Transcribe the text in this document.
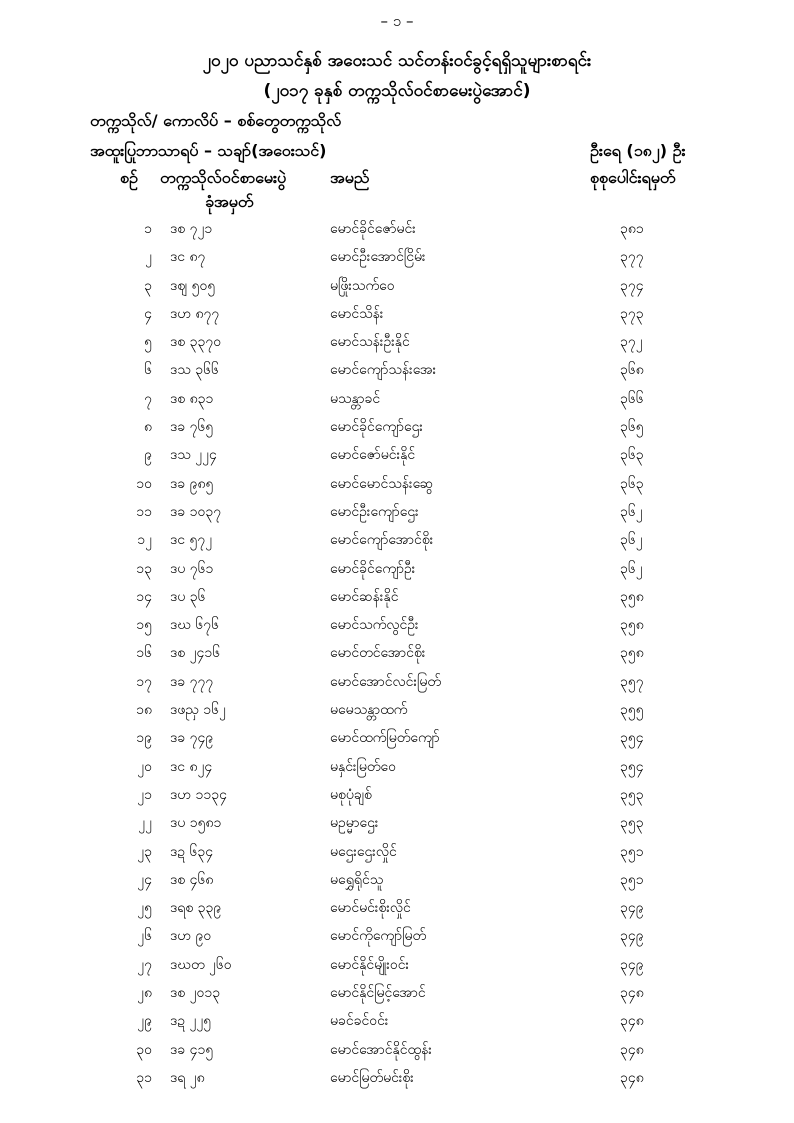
– ၁ –
၂၀၂၀ ပညာသင်နှစ် အဝေးသင် သင်တန်းဝင်ခွင့်ရရှိသူများစာရင်း
(၂၀၁၇ ခုနှစ် တက္ကသိုလ်ဝင်စာမေးပွဲအောင်)
တက္ကသိုလ်/ ကောလိပ် – စစ်တွေတက္ကသိုလ်
အထူးပြုဘာသာရပ် – သချာ်(အဝေးသင်)	ဦးရေ (၁၈၂) ဦး
စဉ် တက္ကသိုလ်ဝင်စာမေးပွဲ
ခုံအမှတ်
အမည်	စုစုပေါင်းရမှတ်
၁ ဒစ ၇၂၁	မောင်ခိုင်ဇော်မင်း	၃၈၁
၂ ဒင ၈၇	မောင်ဦးအောင်ငြိမ်း	၃၇၇
၃ ဒဈ ၅၀၅	မဖြိုးသက်ဝေ	၃၇၄
၄ ဒဟ ၈၇၇	မောင်သိန်း	၃၇၃
၅ ဒစ ၃၃၇၀	မောင်သန်းဦးနိုင်	၃၇၂
၆ ဒသ ၃၆၆	မောင်ကျော်သန်းအေး	၃၆၈
၇ ဒစ ၈၃၁	မသန္တာခင်	၃၆၆
၈ ဒခ ၇၆၅	မောင်ခိုင်ကျော်ဌေး	၃၆၅
၉ ဒသ ၂၂၄	မောင်ဇော်မင်းနိုင်	၃၆၃
၁၀ ဒခ ၉၈၅	မောင်မောင်သန်းဆွေ	၃၆၃
၁၁ ဒခ ၁၀၃၇	မောင်ဦးကျော်ဌေး	၃၆၂
၁၂ ဒင ၅၇၂	မောင်ကျော်အောင်စိုး	၃၆၂
၁၃ ဒပ ၇၆၁	မောင်ခိုင်ကျော်ဦး	၃၆၂
၁၄ ဒပ ၃၆	မောင်ဆန်းနိုင်	၃၅၈
၁၅ ဒဃ ၆၇၆	မောင်သက်လွင်ဦး	၃၅၈
၁၆ ဒစ ၂၄၁၆	မောင်တင်အောင်စိုး	၃၅၈
၁၇ ဒခ ၇၇၇	မောင်အောင်လင်းမြတ်	၃၅၇
၁၈ ဒဖညှ ၁၆၂	မမေသန္တာထက်	၃၅၅
၁၉ ဒခ ၇၄၉	မောင်ထက်မြတ်ကျော်	၃၅၄
၂၀ ဒင ၈၂၄	မနှင်းမြတ်ဝေ	၃၅၄
၂၁ ဒဟ ၁၁၃၄	မစုပုံချစ်	၃၅၃
၂၂ ဒပ ၁၅၈၁	မဥမ္မာဌေး	၃၅၃
၂၃ ဒဍ ၆၃၄	မဌေးဌေးလှိုင်	၃၅၁
၂၄ ဒစ ၄၆၈	မရွှေရိုင်သူ	၃၅၁
၂၅ ဒရစ ၃၃၉	မောင်မင်းစိုးလှိုင်	၃၄၉
၂၆ ဒဟ ၉၀	မောင်ကိုကျော်မြတ်	၃၄၉
၂၇ ဒဃတ ၂၆၀	မောင်နိုင်မျိုးဝင်း	၃၄၉
၂၈ ဒစ ၂၀၁၃	မောင်နိုင်မြင့်အောင်	၃၄၈
၂၉ ဒဍ ၂၂၅	မခင်ခင်ဝင်း	၃၄၈
၃၀ ဒခ ၄၁၅	မောင်အောင်နိုင်ထွန်း	၃၄၈
၃၁ ဒရ ၂၈	မောင်မြတ်မင်းစိုး	၃၄၈
